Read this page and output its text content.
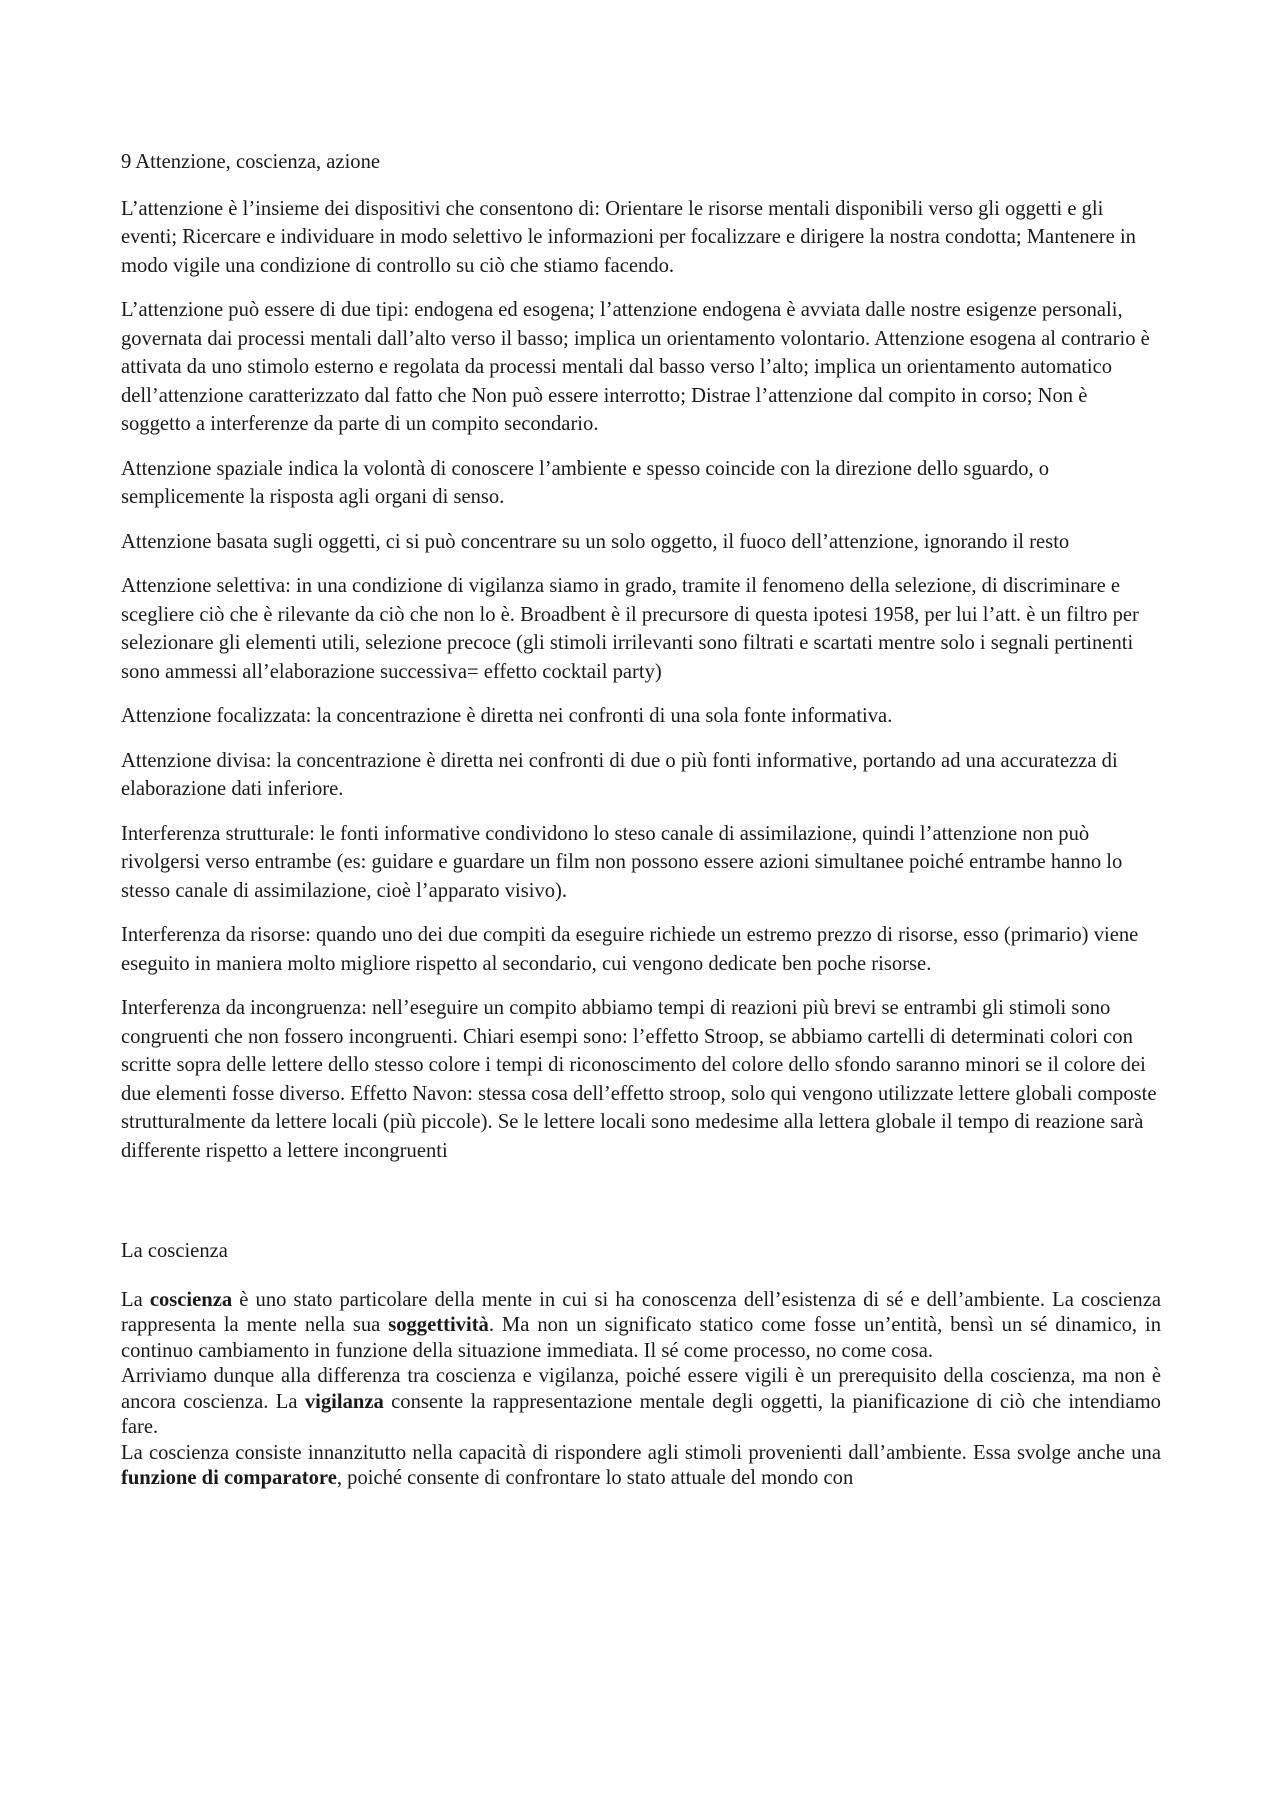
9 Attenzione, coscienza, azione

L’attenzione è l’insieme dei dispositivi che consentono di: Orientare le risorse mentali disponibili verso gli oggetti e gli eventi; Ricercare e individuare in modo selettivo le informazioni per focalizzare e dirigere la nostra condotta; Mantenere in modo vigile una condizione di controllo su ciò che stiamo facendo.

L’attenzione può essere di due tipi: endogena ed esogena; l’attenzione endogena è avviata dalle nostre esigenze personali, governata dai processi mentali dall’alto verso il basso; implica un orientamento volontario. Attenzione esogena al contrario è attivata da uno stimolo esterno e regolata da processi mentali dal basso verso l’alto; implica un orientamento automatico dell’attenzione caratterizzato dal fatto che Non può essere interrotto; Distrae l’attenzione dal compito in corso; Non è soggetto a interferenze da parte di un compito secondario.

Attenzione spaziale indica la volontà di conoscere l’ambiente e spesso coincide con la direzione dello sguardo, o semplicemente la risposta agli organi di senso.

Attenzione basata sugli oggetti, ci si può concentrare su un solo oggetto, il fuoco dell’attenzione, ignorando il resto

Attenzione selettiva: in una condizione di vigilanza siamo in grado, tramite il fenomeno della selezione, di discriminare e scegliere ciò che è rilevante da ciò che non lo è. Broadbent è il precursore di questa ipotesi 1958, per lui l’att. è un filtro per selezionare gli elementi utili, selezione precoce (gli stimoli irrilevanti sono filtrati e scartati mentre solo i segnali pertinenti sono ammessi all’elaborazione successiva= effetto cocktail party)

Attenzione focalizzata: la concentrazione è diretta nei confronti di una sola fonte informativa.

Attenzione divisa: la concentrazione è diretta nei confronti di due o più fonti informative, portando ad una accuratezza di elaborazione dati inferiore.

Interferenza strutturale: le fonti informative condividono lo steso canale di assimilazione, quindi l’attenzione non può rivolgersi verso entrambe (es: guidare e guardare un film non possono essere azioni simultanee poiché entrambe hanno lo stesso canale di assimilazione, cioè l’apparato visivo).

Interferenza da risorse: quando uno dei due compiti da eseguire richiede un estremo prezzo di risorse, esso (primario) viene eseguito in maniera molto migliore rispetto al secondario, cui vengono dedicate ben poche risorse.

Interferenza da incongruenza: nell’eseguire un compito abbiamo tempi di reazioni più brevi se entrambi gli stimoli sono congruenti che non fossero incongruenti. Chiari esempi sono: l’effetto Stroop, se abbiamo cartelli di determinati colori con scritte sopra delle lettere dello stesso colore i tempi di riconoscimento del colore dello sfondo saranno minori se il colore dei due elementi fosse diverso. Effetto Navon: stessa cosa dell’effetto stroop, solo qui vengono utilizzate lettere globali composte strutturalmente da lettere locali (più piccole). Se le lettere locali sono medesime alla lettera globale il tempo di reazione sarà differente rispetto a lettere incongruenti

La coscienza

La coscienza è uno stato particolare della mente in cui si ha conoscenza dell’esistenza di sé e dell’ambiente. La coscienza rappresenta la mente nella sua soggettività. Ma non un significato statico come fosse un’entità, bensì un sé dinamico, in continuo cambiamento in funzione della situazione immediata. Il sé come processo, no come cosa.

Arriviamo dunque alla differenza tra coscienza e vigilanza, poiché essere vigili è un prerequisito della coscienza, ma non è ancora coscienza. La vigilanza consente la rappresentazione mentale degli oggetti, la pianificazione di ciò che intendiamo fare.

La coscienza consiste innanzitutto nella capacità di rispondere agli stimoli provenienti dall’ambiente. Essa svolge anche una funzione di comparatore, poiché consente di confrontare lo stato attuale del mondo con
